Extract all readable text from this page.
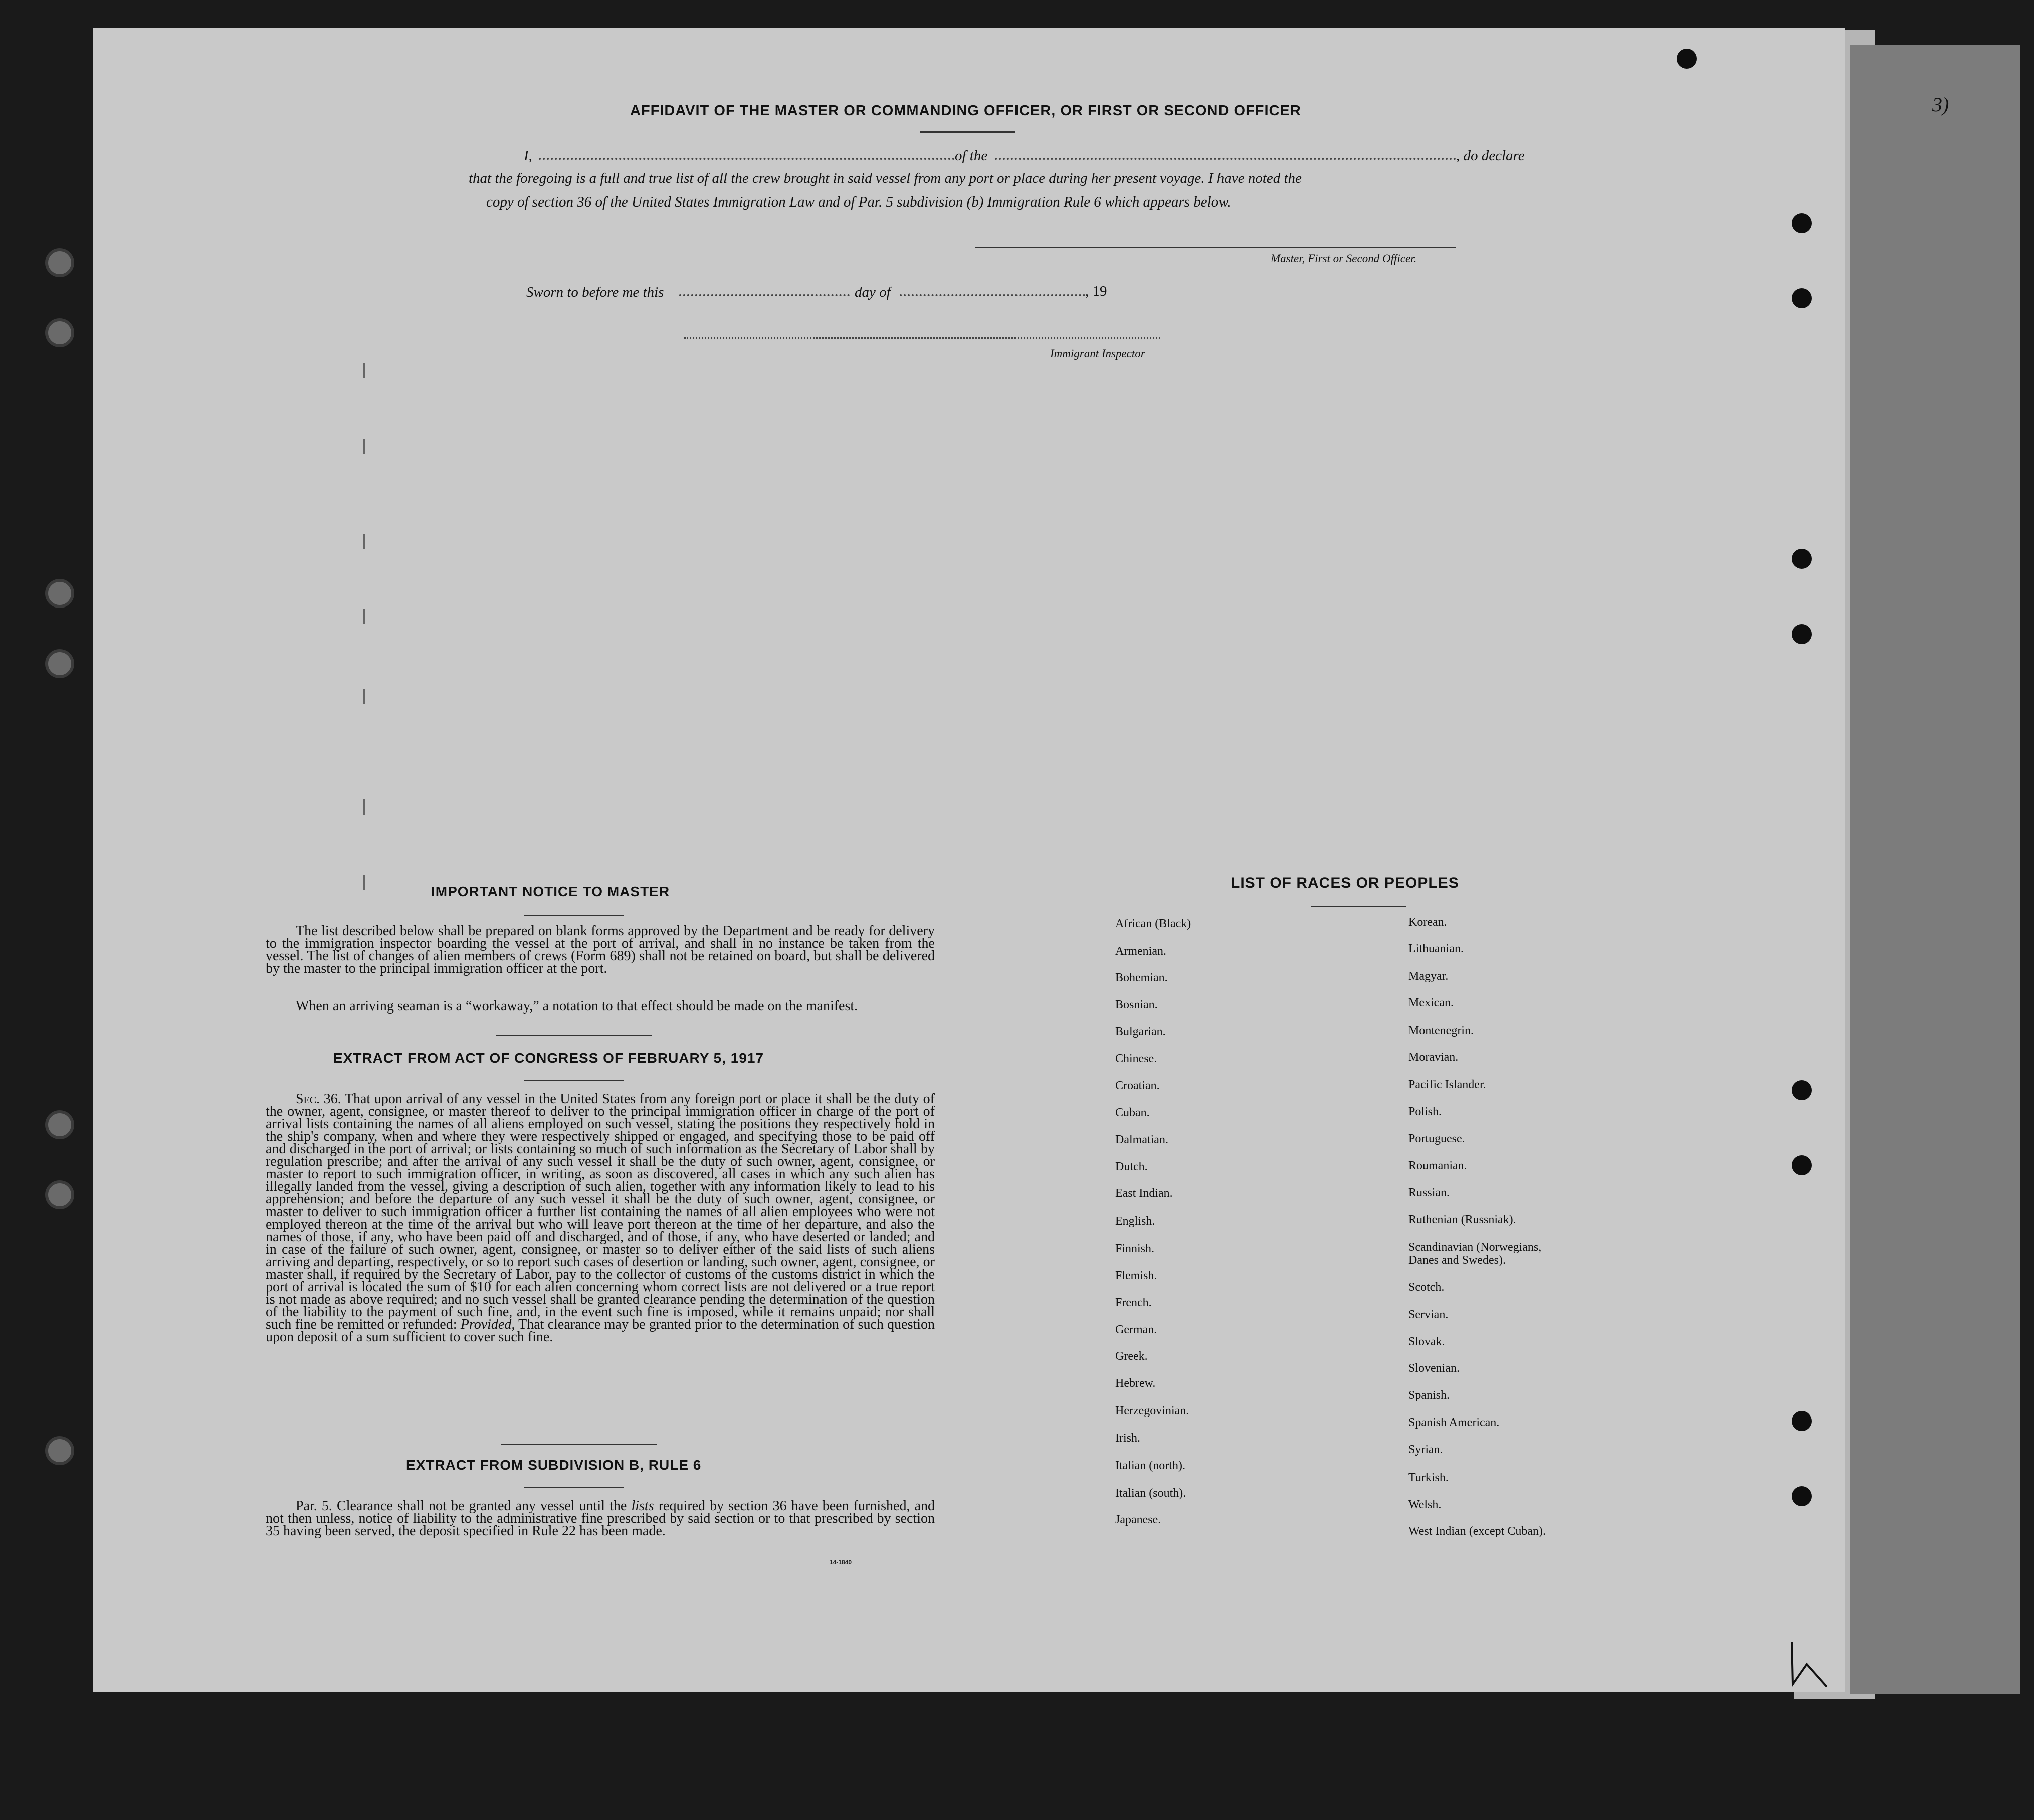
3)
AFFIDAVIT OF THE MASTER OR COMMANDING OFFICER, OR FIRST OR SECOND OFFICER
I,	of the	, do declare
that the foregoing is a full and true list of all the crew brought in said vessel from any port or place during her present voyage. I have noted the
copy of section 36 of the United States Immigration Law and of Par. 5 subdivision (b) Immigration Rule 6 which appears below.
Master, First or Second Officer.
Sworn to before me this	day of	, 19
Immigrant Inspector
IMPORTANT NOTICE TO MASTER
The list described below shall be prepared on blank forms approved by the Department and be ready for delivery to the immigration inspector boarding the vessel at the port of arrival, and shall in no instance be taken from the vessel. The list of changes of alien members of crews (Form 689) shall not be retained on board, but shall be delivered by the master to the principal immigration officer at the port.
When an arriving seaman is a “workaway,” a notation to that effect should be made on the manifest.
EXTRACT FROM ACT OF CONGRESS OF FEBRUARY 5, 1917
Sec. 36. That upon arrival of any vessel in the United States from any foreign port or place it shall be the duty of the owner, agent, consignee, or master thereof to deliver to the principal immigration officer in charge of the port of arrival lists containing the names of all aliens employed on such vessel, stating the positions they respectively hold in the ship's company, when and where they were respectively shipped or engaged, and specifying those to be paid off and discharged in the port of arrival; or lists containing so much of such information as the Secretary of Labor shall by regulation prescribe; and after the arrival of any such vessel it shall be the duty of such owner, agent, consignee, or master to report to such immigration officer, in writing, as soon as discovered, all cases in which any such alien has illegally landed from the vessel, giving a description of such alien, together with any information likely to lead to his apprehension; and before the departure of any such vessel it shall be the duty of such owner, agent, consignee, or master to deliver to such immigration officer a further list containing the names of all alien employees who were not employed thereon at the time of the arrival but who will leave port thereon at the time of her departure, and also the names of those, if any, who have been paid off and discharged, and of those, if any, who have deserted or landed; and in case of the failure of such owner, agent, consignee, or master so to deliver either of the said lists of such aliens arriving and departing, respectively, or so to report such cases of desertion or landing, such owner, agent, consignee, or master shall, if required by the Secretary of Labor, pay to the collector of customs of the customs district in which the port of arrival is located the sum of $10 for each alien concerning whom correct lists are not delivered or a true report is not made as above required; and no such vessel shall be granted clearance pending the determination of the question of the liability to the payment of such fine, and, in the event such fine is imposed, while it remains unpaid; nor shall such fine be remitted or refunded: Provided, That clearance may be granted prior to the determination of such question upon deposit of a sum sufficient to cover such fine.
EXTRACT FROM SUBDIVISION B, RULE 6
Par. 5. Clearance shall not be granted any vessel until the lists required by section 36 have been furnished, and not then unless, notice of liability to the administrative fine prescribed by said section or to that prescribed by section 35 having been served, the deposit specified in Rule 22 has been made.
14-1840
LIST OF RACES OR PEOPLES
African (Black)
Armenian.
Bohemian.
Bosnian.
Bulgarian.
Chinese.
Croatian.
Cuban.
Dalmatian.
Dutch.
East Indian.
English.
Finnish.
Flemish.
French.
German.
Greek.
Hebrew.
Herzegovinian.
Irish.
Italian (north).
Italian (south).
Japanese.
Korean.
Lithuanian.
Magyar.
Mexican.
Montenegrin.
Moravian.
Pacific Islander.
Polish.
Portuguese.
Roumanian.
Russian.
Ruthenian (Russniak).
Scandinavian (Norwegians,
Danes and Swedes).
Scotch.
Servian.
Slovak.
Slovenian.
Spanish.
Spanish American.
Syrian.
Turkish.
Welsh.
West Indian (except Cuban).
